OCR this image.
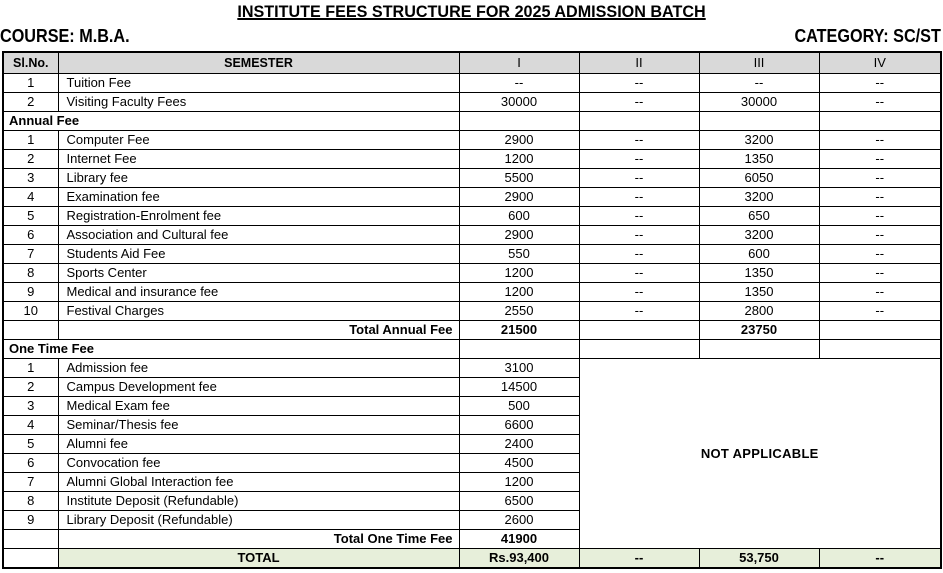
INSTITUTE FEES STRUCTURE FOR 2025 ADMISSION BATCH
COURSE: M.B.A.	CATEGORY: SC/ST
Sl.No.	SEMESTER	I	II	III	IV
1	Tuition Fee	--	--	--	--
2	Visiting Faculty Fees	30000	--	30000	--
Annual Fee					
1	Computer Fee	2900	--	3200	--
2	Internet Fee	1200	--	1350	--
3	Library fee	5500	--	6050	--
4	Examination fee	2900	--	3200	--
5	Registration-Enrolment fee	600	--	650	--
6	Association and Cultural fee	2900	--	3200	--
7	Students Aid Fee	550	--	600	--
8	Sports Center	1200	--	1350	--
9	Medical and insurance fee	1200	--	1350	--
10	Festival Charges	2550	--	2800	--
	Total Annual Fee	21500		23750	
One Time Fee					
1	Admission fee	3100	NOT APPLICABLE		
2	Campus Development fee	14500			
3	Medical Exam fee	500			
4	Seminar/Thesis fee	6600			
5	Alumni fee	2400			
6	Convocation fee	4500			
7	Alumni Global Interaction fee	1200			
8	Institute Deposit (Refundable)	6500			
9	Library Deposit (Refundable)	2600			
	Total One Time Fee	41900			
	TOTAL	Rs.93,400	--	53,750	--
